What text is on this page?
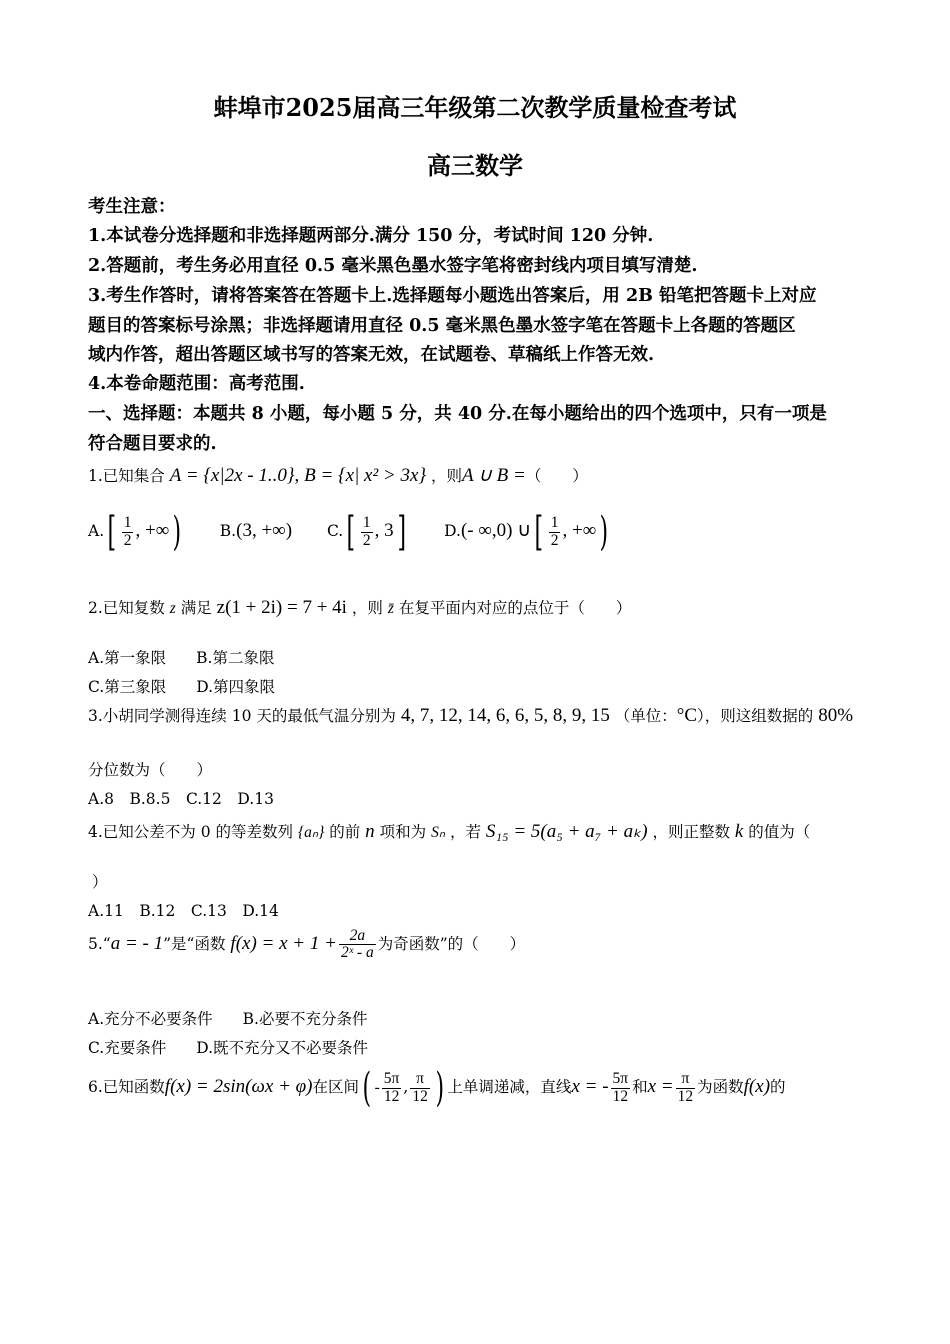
蚌埠市2025届高三年级第二次教学质量检查考试
高三数学
考生注意：
1.本试卷分选择题和非选择题两部分.满分 150 分，考试时间 120 分钟.
2.答题前，考生务必用直径 0.5 毫米黑色墨水签字笔将密封线内项目填写清楚.
3.考生作答时，请将答案答在答题卡上.选择题每小题选出答案后，用 2B 铅笔把答题卡上对应
题目的答案标号涂黑；非选择题请用直径 0.5 毫米黑色墨水签字笔在答题卡上各题的答题区
域内作答，超出答题区域书写的答案无效，在试题卷、草稿纸上作答无效.
4.本卷命题范围：高考范围.
一、选择题：本题共 8 小题，每小题 5 分，共 40 分.在每小题给出的四个选项中，只有一项是
符合题目要求的.
1.已知集合 A = {x|2x - 1..0}, B = {x| x² > 3x} ，则A ∪ B =（　　）
$A.[ \frac{1}{2}$ , +∞) B.(3, +∞) $C.[ \frac{1}{2}$ , 3] D.(- ∞,0) ∪[ $\frac{1}{2}$ , +∞)
2.已知复数 z 满足 z(1 + 2i) = 7 + 4i ，则 z̄ 在复平面内对应的点位于（　　）
A.第一象限 B.第二象限
C.第三象限 D.第四象限
3.小胡同学测得连续 10 天的最低气温分别为 4, 7, 12, 14, 6, 6, 5, 8, 9, 15 （单位：°C），则这组数据的 80%
分位数为（　　）
A.8　B.8.5　C.12　D.13
4.已知公差不为 0 的等差数列 {aₙ} 的前 n 项和为 Sₙ ，若 S₁₅ = 5(a₅ + a₇ + aₖ) ，则正整数 k 的值为（
）
A.11　B.12　C.13　D.14
5.“a = - 1”是“函数 $f(x) = x + 1 + \frac{2a}{\text{2ˣ - a}}$ 为奇函数”的（　　）
A.充分不必要条件 B.必要不充分条件
C.充要条件 D.既不充分又不必要条件
6.已知函数f(x) = 2sin(ωx + φ)在区间( - $\frac{5\pi}{12}$ , $\frac{\pi}{12}$ ) 上单调递减，直线x = - $\frac{5\pi}{12}$ 和$x = \frac{\pi}{12}$ 为函数f(x)的
